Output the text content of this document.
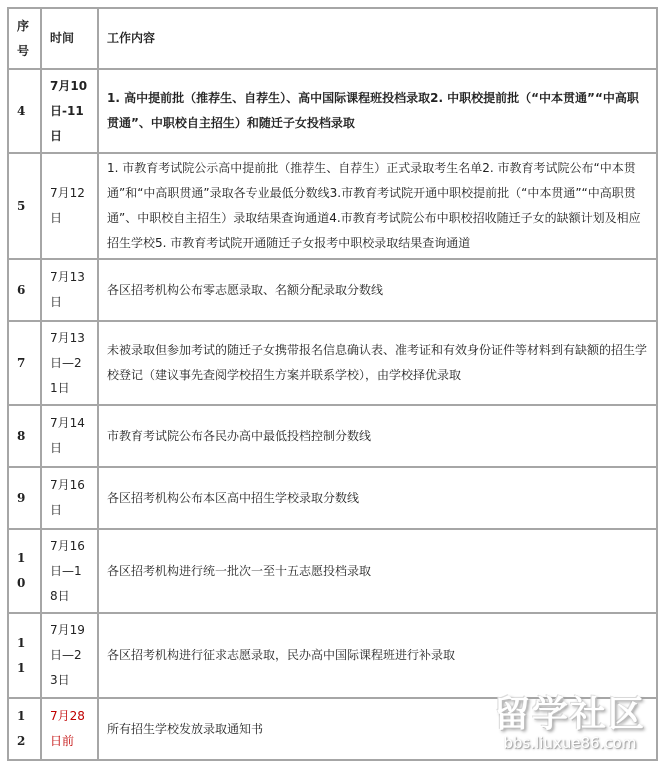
序号	时间	工作内容
4	7月10日-11日	1. 高中提前批（推荐生、自荐生）、高中国际课程班投档录取2. 中职校提前批（“中本贯通”“中高职贯通”、中职校自主招生）和随迁子女投档录取
5	7月12日	1. 市教育考试院公示高中提前批（推荐生、自荐生）正式录取考生名单2. 市教育考试院公布“中本贯通”和“中高职贯通”录取各专业最低分数线3.市教育考试院开通中职校提前批（“中本贯通”“中高职贯通”、中职校自主招生）录取结果查询通道4.市教育考试院公布中职校招收随迁子女的缺额计划及相应招生学校5. 市教育考试院开通随迁子女报考中职校录取结果查询通道
6	7月13日	各区招考机构公布零志愿录取、名额分配录取分数线
7	7月13日—21日	未被录取但参加考试的随迁子女携带报名信息确认表、准考证和有效身份证件等材料到有缺额的招生学校登记（建议事先查阅学校招生方案并联系学校），由学校择优录取
8	7月14日	市教育考试院公布各民办高中最低投档控制分数线
9	7月16日	各区招考机构公布本区高中招生学校录取分数线
10	7月16日—18日	各区招考机构进行统一批次一至十五志愿投档录取
11	7月19日—23日	各区招考机构进行征求志愿录取，民办高中国际课程班进行补录取
12	7月28日前	所有招生学校发放录取通知书	留学社区
bbs.liuxue86.com
